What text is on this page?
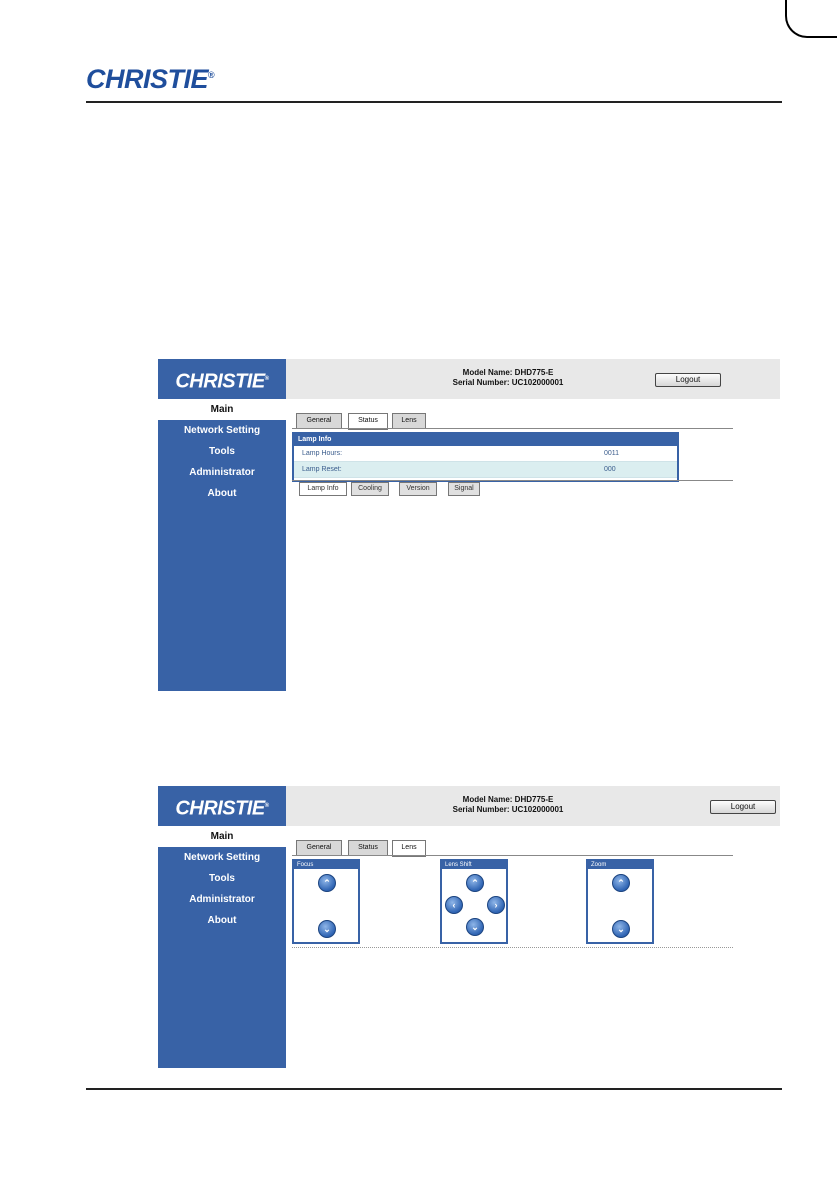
CHRISTIE®
CHRISTIE®
Model Name: DHD775-E
Serial Number: UC102000001	Logout
Main
Network Setting
Tools
Administrator
About
General	Status	Lens
Lamp Info
Lamp Hours:	0011
Lamp Reset:	000
Lamp Info	Cooling	Version	Signal
CHRISTIE®
Model Name: DHD775-E
Serial Number: UC102000001	Logout
Main
Network Setting
Tools
Administrator
About
General	Status	Lens
Focus
⌃
⌄
Lens Shift
⌃
‹	›
⌄
Zoom
⌃
⌄
